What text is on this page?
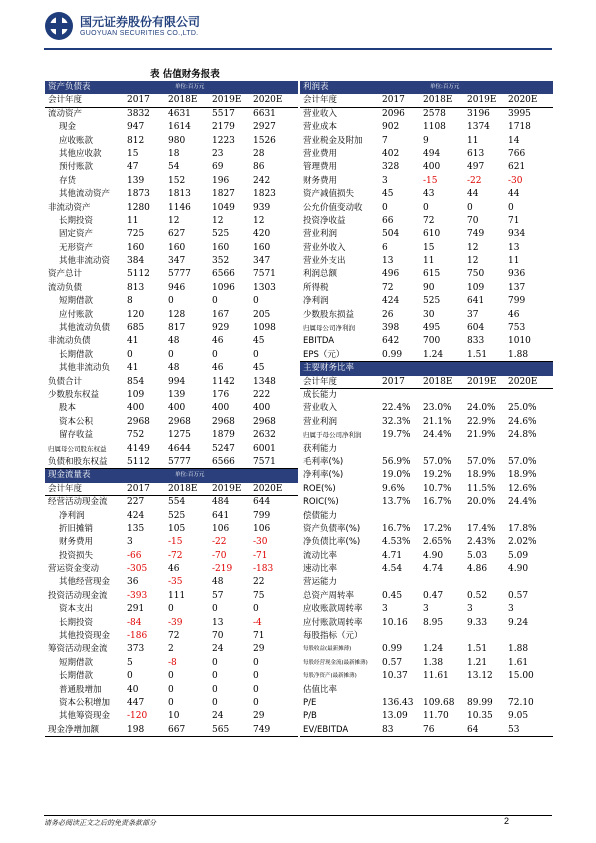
国元证券股份有限公司
GUOYUAN SECURITIES CO.,LTD.
表 估值财务报表
资产负债表	单位:百万元
会计年度	2017 2018E 2019E 2020E
流动资产	3832 4631 5517 6631
现金	947	1614 2179 2927
应收账款	812	980	1223 1526
其他应收款	15	18	23	28
预付账款	47	54	69	86
存货	139	152	196	242
其他流动资产 1873 1813 1827 1823
非流动资产	1280 1146 1049 939
长期投资	11	12	12	12
固定资产	725	627	525	420
无形资产	160	160	160	160
其他非流动资 384	347	352	347
资产总计	5112 5777 6566 7571
流动负债	813	946	1096 1303
短期借款	8	0	0	0
应付账款	120	128	167	205
其他流动负债 685	817	929	1098
非流动负债	41	48	46	45
长期借款	0	0	0	0
其他非流动负 41	48	46	45
负债合计	854	994	1142 1348
少数股东权益	109	139	176	222
股本	400	400	400	400
资本公积	2968 2968 2968 2968
留存收益	752	1275 1879 2632
归属母公司股东权益 4149 4644 5247 6001
负债和股东权益 5112 5777 6566 7571
现金流量表	单位:百万元
会计年度	2017 2018E 2019E 2020E
经营活动现金流 227	554	484	644
净利润	424	525	641	799
折旧摊销	135	105	106	106
财务费用	3	-15	-22	-30
投资损失	-66	-72	-70	-71
营运资金变动	-305 46	-219 -183
其他经营现金 36	-35	48	22
投资活动现金流 -393 111	57	75
资本支出	291	0	0	0
长期投资	-84	-39	13	-4
其他投资现金 -186 72	70	71
筹资活动现金流 373	2	24	29
短期借款	5	-8	0	0
长期借款	0	0	0	0
普通股增加	40	0	0	0
资本公积增加 447	0	0	0
其他筹资现金 -120 10	24	29
现金净增加额	198	667	565	749
利润表	单位:百万元
会计年度	2017 2018E 2019E 2020E
营业收入	2096 2578 3196 3995
营业成本	902	1108 1374 1718
营业税金及附加 7	9	11	14
营业费用	402	494	613	766
管理费用	328	400	497	621
财务费用	3	-15	-22	-30
资产减值损失	45	43	44	44
公允价值变动收 0	0	0	0
投资净收益	66	72	70	71
营业利润	504	610	749	934
营业外收入	6	15	12	13
营业外支出	13	11	12	11
利润总额	496	615	750	936
所得税	72	90	109	137
净利润	424	525	641	799
少数股东损益	26	30	37	46
归属母公司净利润	398	495	604	753
EBITDA	642	700	833	1010
EPS（元）	0.99 1.24	1.51 1.88
主要财务比率
会计年度	2017 2018E 2019E 2020E
成长能力
营业收入	22.4% 23.0% 24.0% 25.0%
营业利润	32.3% 21.1% 22.9% 24.6%
归属于母公司净利润 19.7% 24.4% 21.9% 24.8%
获利能力
毛利率(%)	56.9% 57.0% 57.0% 57.0%
净利率(%)	19.0% 19.2% 18.9% 18.9%
ROE(%)	9.6% 10.7% 11.5% 12.6%
ROIC(%)	13.7% 16.7% 20.0% 24.4%
偿债能力
资产负债率(%) 16.7% 17.2% 17.4% 17.8%
净负债比率(%) 4.53% 2.65% 2.43% 2.02%
流动比率	4.71 4.90	5.03 5.09
速动比率	4.54 4.74	4.86 4.90
营运能力
总资产周转率	0.45 0.47	0.52 0.57
应收账款周转率 3	3	3	3
应付账款周转率 10.16 8.95	9.33 9.24
每股指标（元）
每股收益(最新摊薄)	0.99 1.24	1.51 1.88
每股经营现金流(最新摊薄) 0.57 1.38	1.21 1.61
每股净资产(最新摊薄)	10.37 11.61 13.12 15.00
估值比率
P/E	136.43 109.68 89.99 72.10
P/B	13.09 11.70 10.35 9.05
EV/EBITDA	83	76	64	53
请务必阅读正文之后的免责条款部分	2
